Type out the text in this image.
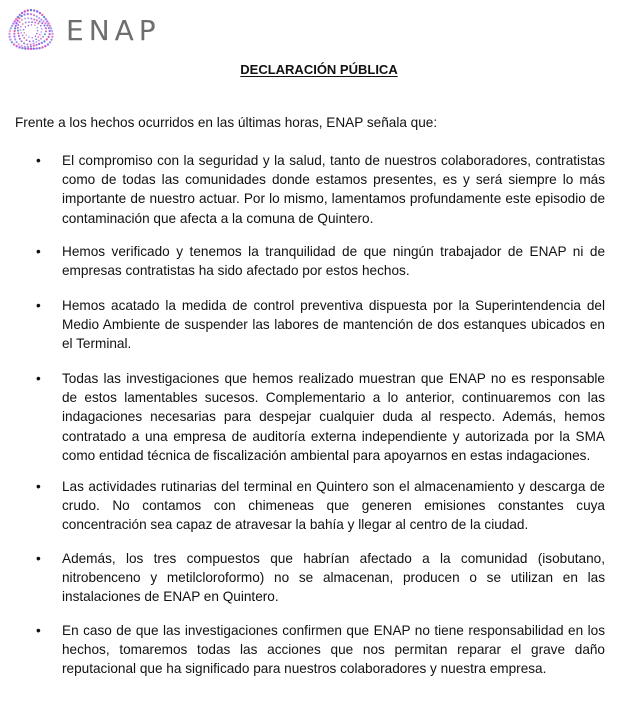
ENAP
DECLARACIÓN PÚBLICA

Frente a los hechos ocurridos en las últimas horas, ENAP señala que:

• El compromiso con la seguridad y la salud, tanto de nuestros colaboradores, contratistas como de todas las comunidades donde estamos presentes, es y será siempre lo más importante de nuestro actuar. Por lo mismo, lamentamos profundamente este episodio de contaminación que afecta a la comuna de Quintero.

• Hemos verificado y tenemos la tranquilidad de que ningún trabajador de ENAP ni de empresas contratistas ha sido afectado por estos hechos.

• Hemos acatado la medida de control preventiva dispuesta por la Superintendencia del Medio Ambiente de suspender las labores de mantención de dos estanques ubicados en el Terminal.

• Todas las investigaciones que hemos realizado muestran que ENAP no es responsable de estos lamentables sucesos. Complementario a lo anterior, continuaremos con las indagaciones necesarias para despejar cualquier duda al respecto. Además, hemos contratado a una empresa de auditoría externa independiente y autorizada por la SMA como entidad técnica de fiscalización ambiental para apoyarnos en estas indagaciones.

• Las actividades rutinarias del terminal en Quintero son el almacenamiento y descarga de crudo. No contamos con chimeneas que generen emisiones constantes cuya concentración sea capaz de atravesar la bahía y llegar al centro de la ciudad.

• Además, los tres compuestos que habrían afectado a la comunidad (isobutano, nitrobenceno y metilcloroformo) no se almacenan, producen o se utilizan en las instalaciones de ENAP en Quintero.

• En caso de que las investigaciones confirmen que ENAP no tiene responsabilidad en los hechos, tomaremos todas las acciones que nos permitan reparar el grave daño reputacional que ha significado para nuestros colaboradores y nuestra empresa.
